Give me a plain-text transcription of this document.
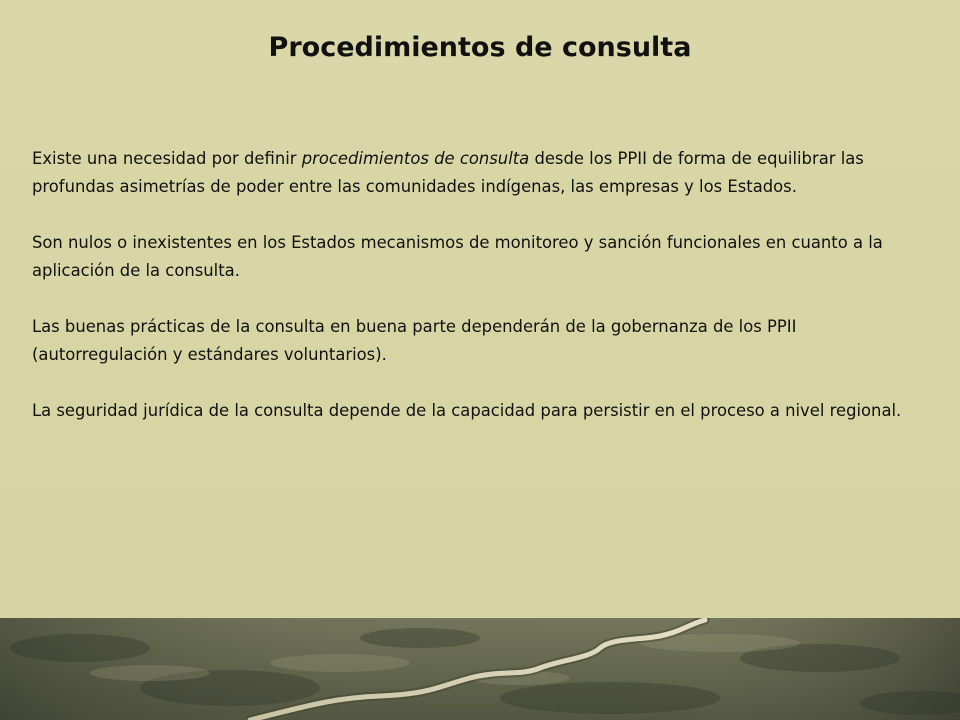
Procedimientos de consulta

Existe una necesidad por definir procedimientos de consulta desde los PPII de forma de equilibrar las profundas asimetrías de poder entre las comunidades indígenas, las empresas y los Estados.

Son nulos o inexistentes en los Estados mecanismos de monitoreo y sanción funcionales en cuanto a la aplicación de la consulta.

Las buenas prácticas de la consulta en buena parte dependerán de la gobernanza de los PPII (autorregulación y estándares voluntarios).

La seguridad jurídica de la consulta depende de la capacidad para persistir en el proceso a nivel regional.
